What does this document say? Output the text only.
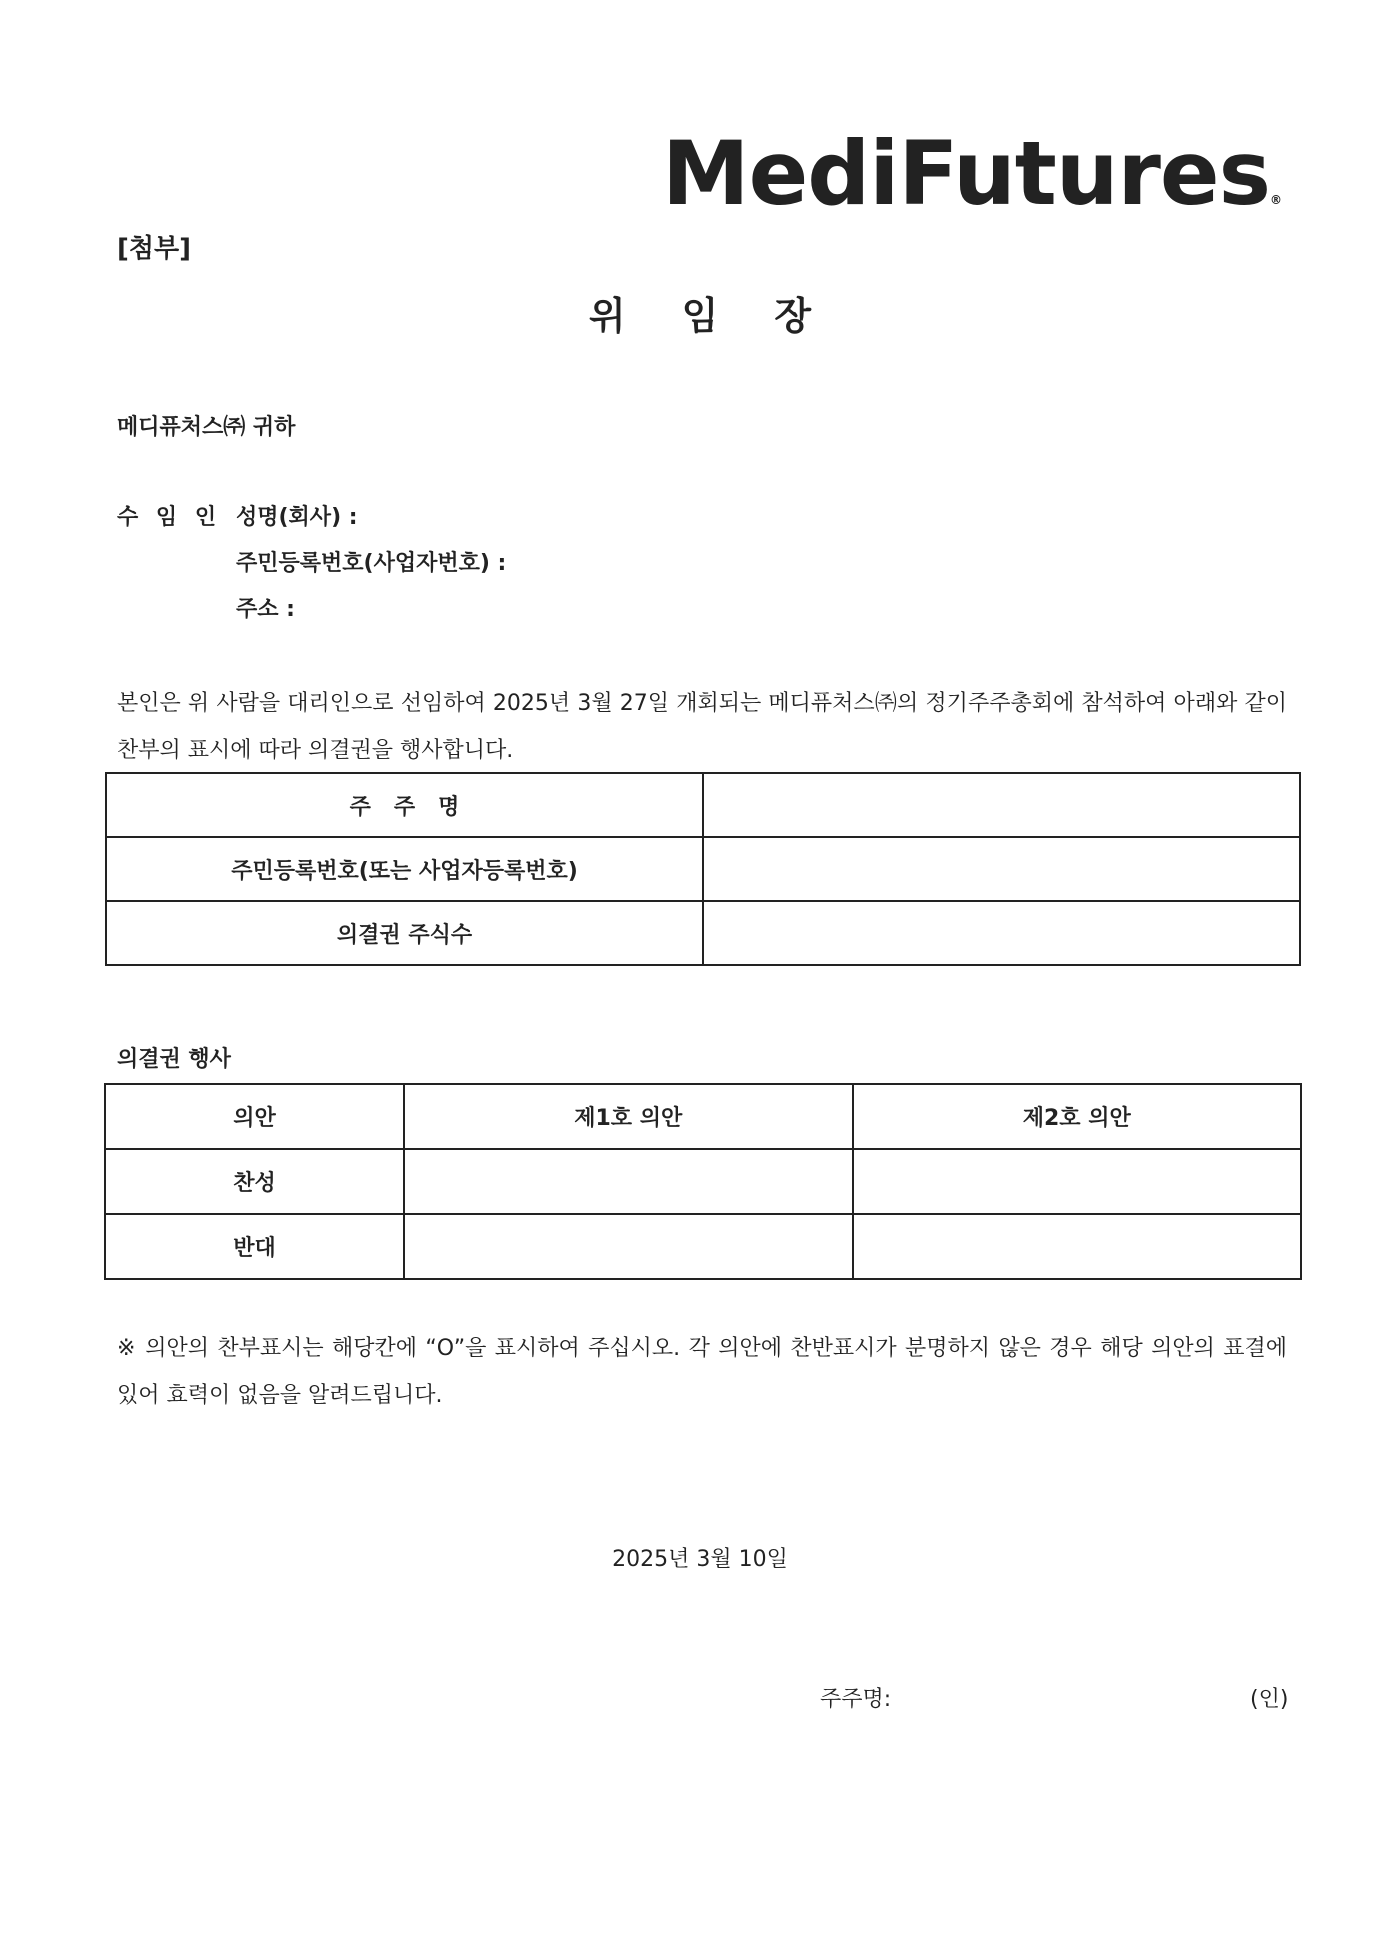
MediFutures®
[첨부]
위 임 장
메디퓨처스㈜ 귀하
수 임 인 성명(회사) :
주민등록번호(사업자번호) :
주소 :
본인은 위 사람을 대리인으로 선임하여 2025년 3월 27일 개회되는 메디퓨처스㈜의 정기주주총회에 참석하여 아래와 같이 찬부의 표시에 따라 의결권을 행사합니다.
주   주   명	
주민등록번호(또는 사업자등록번호)	
의결권 주식수	
의결권 행사
의안	제1호 의안	제2호 의안
찬성		
반대		
※ 의안의 찬부표시는 해당칸에 “O”을 표시하여 주십시오. 각 의안에 찬반표시가 분명하지 않은 경우 해당 의안의 표결에 있어 효력이 없음을 알려드립니다.
2025년 3월 10일
주주명:	(인)
